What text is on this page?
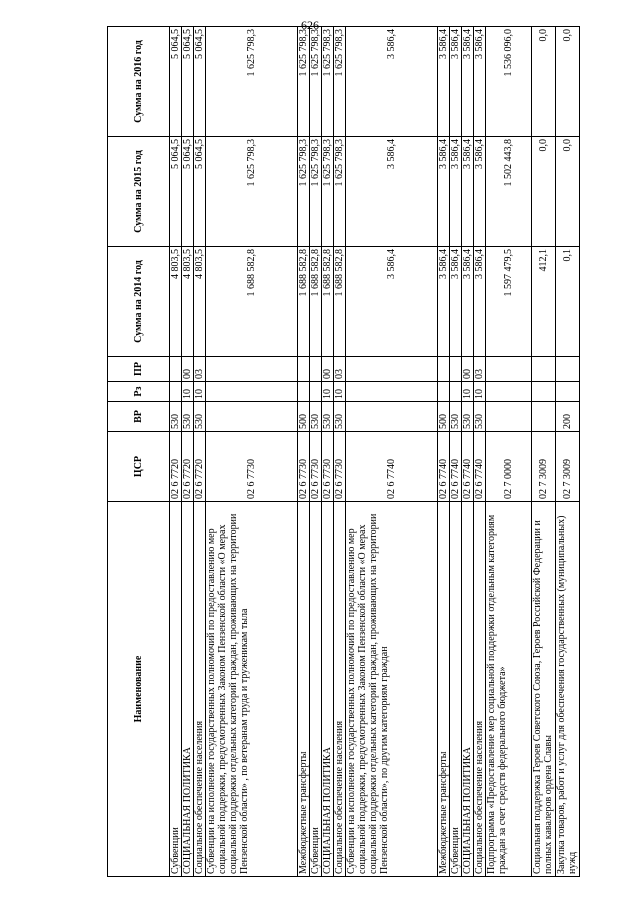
626
Наименование	ЦСР	ВР	Рз	ПР	Сумма на 2014 год	Сумма на 2015 год	Сумма на 2016 год
Субвенции	02 6 7720	530			4 803,5	5 064,5	5 064,5
СОЦИАЛЬНАЯ ПОЛИТИКА	02 6 7720	530	10	00	4 803,5	5 064,5	5 064,5
Социальное обеспечение населения	02 6 7720	530	10	03	4 803,5	5 064,5	5 064,5
Субвенции на исполнение государственных полномочий по предоставлению мер социальной поддержки, предусмотренных Законом Пензенской области «О мерах социальной поддержки отдельных категорий граждан, проживающих на территории Пензенской области» , по ветеранам труда и труженикам тыла	02 6 7730				1 688 582,8	1 625 798,3	1 625 798,3
Межбюджетные трансферты	02 6 7730	500			1 688 582,8	1 625 798,3	1 625 798,3
Субвенции	02 6 7730	530			1 688 582,8	1 625 798,3	1 625 798,3
СОЦИАЛЬНАЯ ПОЛИТИКА	02 6 7730	530	10	00	1 688 582,8	1 625 798,3	1 625 798,3
Социальное обеспечение населения	02 6 7730	530	10	03	1 688 582,8	1 625 798,3	1 625 798,3
Субвенции на исполнение государственных полномочий по предоставлению мер социальной поддержки, предусмотренных Законом Пензенской области «О мерах социальной поддержки отдельных категорий граждан, проживающих на территории Пензенской области», по другим категориям граждан	02 6 7740				3 586,4	3 586,4	3 586,4
Межбюджетные трансферты	02 6 7740	500			3 586,4	3 586,4	3 586,4
Субвенции	02 6 7740	530			3 586,4	3 586,4	3 586,4
СОЦИАЛЬНАЯ ПОЛИТИКА	02 6 7740	530	10	00	3 586,4	3 586,4	3 586,4
Социальное обеспечение населения	02 6 7740	530	10	03	3 586,4	3 586,4	3 586,4
Подпрограмма «Предоставление мер социальной поддержки отдельным категориям граждан за счет средств федерального бюджета»	02 7 0000				1 597 479,5	1 502 443,8	1 536 096,0
Социальная поддержка Героев Советского Союза, Героев Российской Федерации и полных кавалеров ордена Славы	02 7 3009				412,1	0,0	0,0
Закупка товаров, работ и услуг для обеспечения государственных (муниципальных) нужд	02 7 3009	200			0,1	0,0	0,0
